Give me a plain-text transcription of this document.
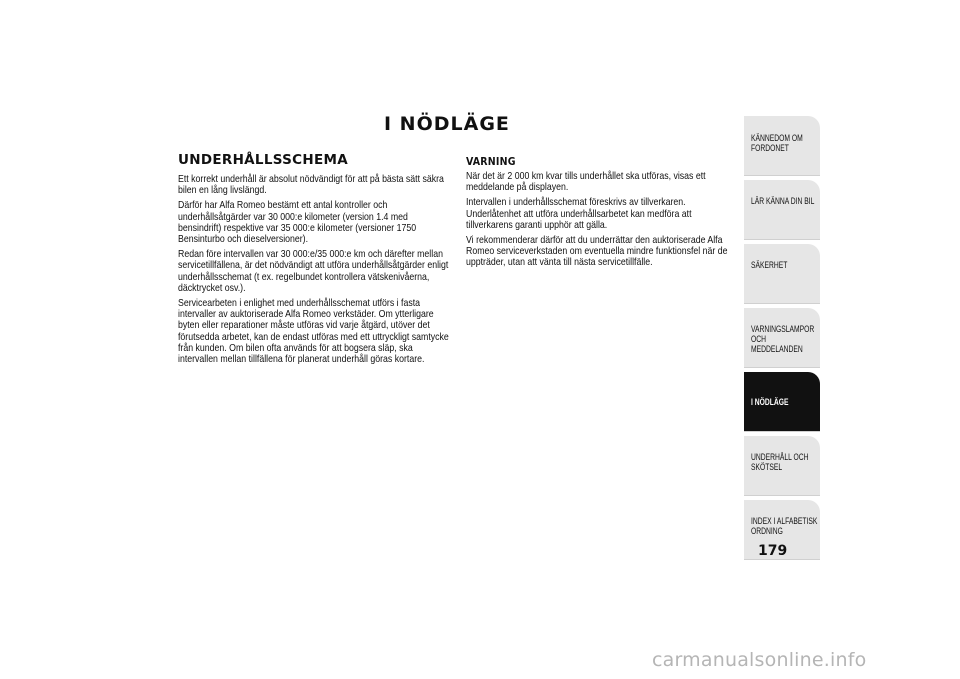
I NÖDLÄGE
UNDERHÅLLSSCHEMA

Ett korrekt underhåll är absolut nödvändigt för att på bästa sätt säkra bilen en lång livslängd.

Därför har Alfa Romeo bestämt ett antal kontroller och underhållsåtgärder var 30 000:e kilometer (version 1.4 med bensindrift) respektive var 35 000:e kilometer (versioner 1750 Bensinturbo och dieselversioner).

Redan före intervallen var 30 000:e/35 000:e km och därefter mellan servicetillfällena, är det nödvändigt att utföra underhållsåtgärder enligt underhållsschemat (t ex. regelbundet kontrollera vätskenivåerna, däcktrycket osv.).

Servicearbeten i enlighet med underhållsschemat utförs i fasta intervaller av auktoriserade Alfa Romeo verkstäder. Om ytterligare byten eller reparationer måste utföras vid varje åtgärd, utöver det förutsedda arbetet, kan de endast utföras med ett uttryckligt samtycke från kunden. Om bilen ofta används för att bogsera släp, ska intervallen mellan tillfällena för planerat underhåll göras kortare.

VARNING

När det är 2 000 km kvar tills underhållet ska utföras, visas ett meddelande på displayen.

Intervallen i underhållsschemat föreskrivs av tillverkaren. Underlåtenhet att utföra underhållsarbetet kan medföra att tillverkarens garanti upphör att gälla.

Vi rekommenderar därför att du underrättar den auktoriserade Alfa Romeo serviceverkstaden om eventuella mindre funktionsfel när de uppträder, utan att vänta till nästa servicetillfälle.

KÄNNEDOM OM FORDONET
LÄR KÄNNA DIN BIL
SÄKERHET
VARNINGSLAMPOR OCH MEDDELANDEN
I NÖDLÄGE
UNDERHÅLL OCH SKÖTSEL
INDEX I ALFABETISK ORDNING
179
carmanualsonline.info
